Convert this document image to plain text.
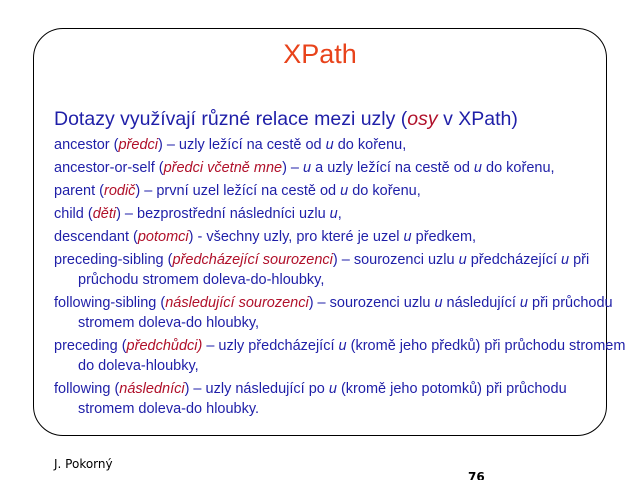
XPath
Dotazy využívají různé relace mezi uzly (osy v XPath)
ancestor (předci) – uzly ležící na cestě od u do kořenu,
ancestor-or-self (předci včetně mne) – u a uzly ležící na cestě od u do kořenu,
parent (rodič) – první uzel ležící na cestě od u do kořenu,
child (děti) – bezprostřední následníci uzlu u,
descendant (potomci) - všechny uzly, pro které je uzel u předkem,
preceding-sibling (předcházející sourozenci) – sourozenci uzlu u předcházející u při průchodu stromem doleva-do-hloubky,
following-sibling (následující sourozenci) – sourozenci uzlu u následující u při průchodu stromem doleva-do hloubky,
preceding (předchůdci) – uzly předcházející u (kromě jeho předků) při průchodu stromem do doleva-hloubky,
following (následníci) – uzly následující po u (kromě jeho potomků) při průchodu stromem doleva-do hloubky.
J. Pokorný
76
